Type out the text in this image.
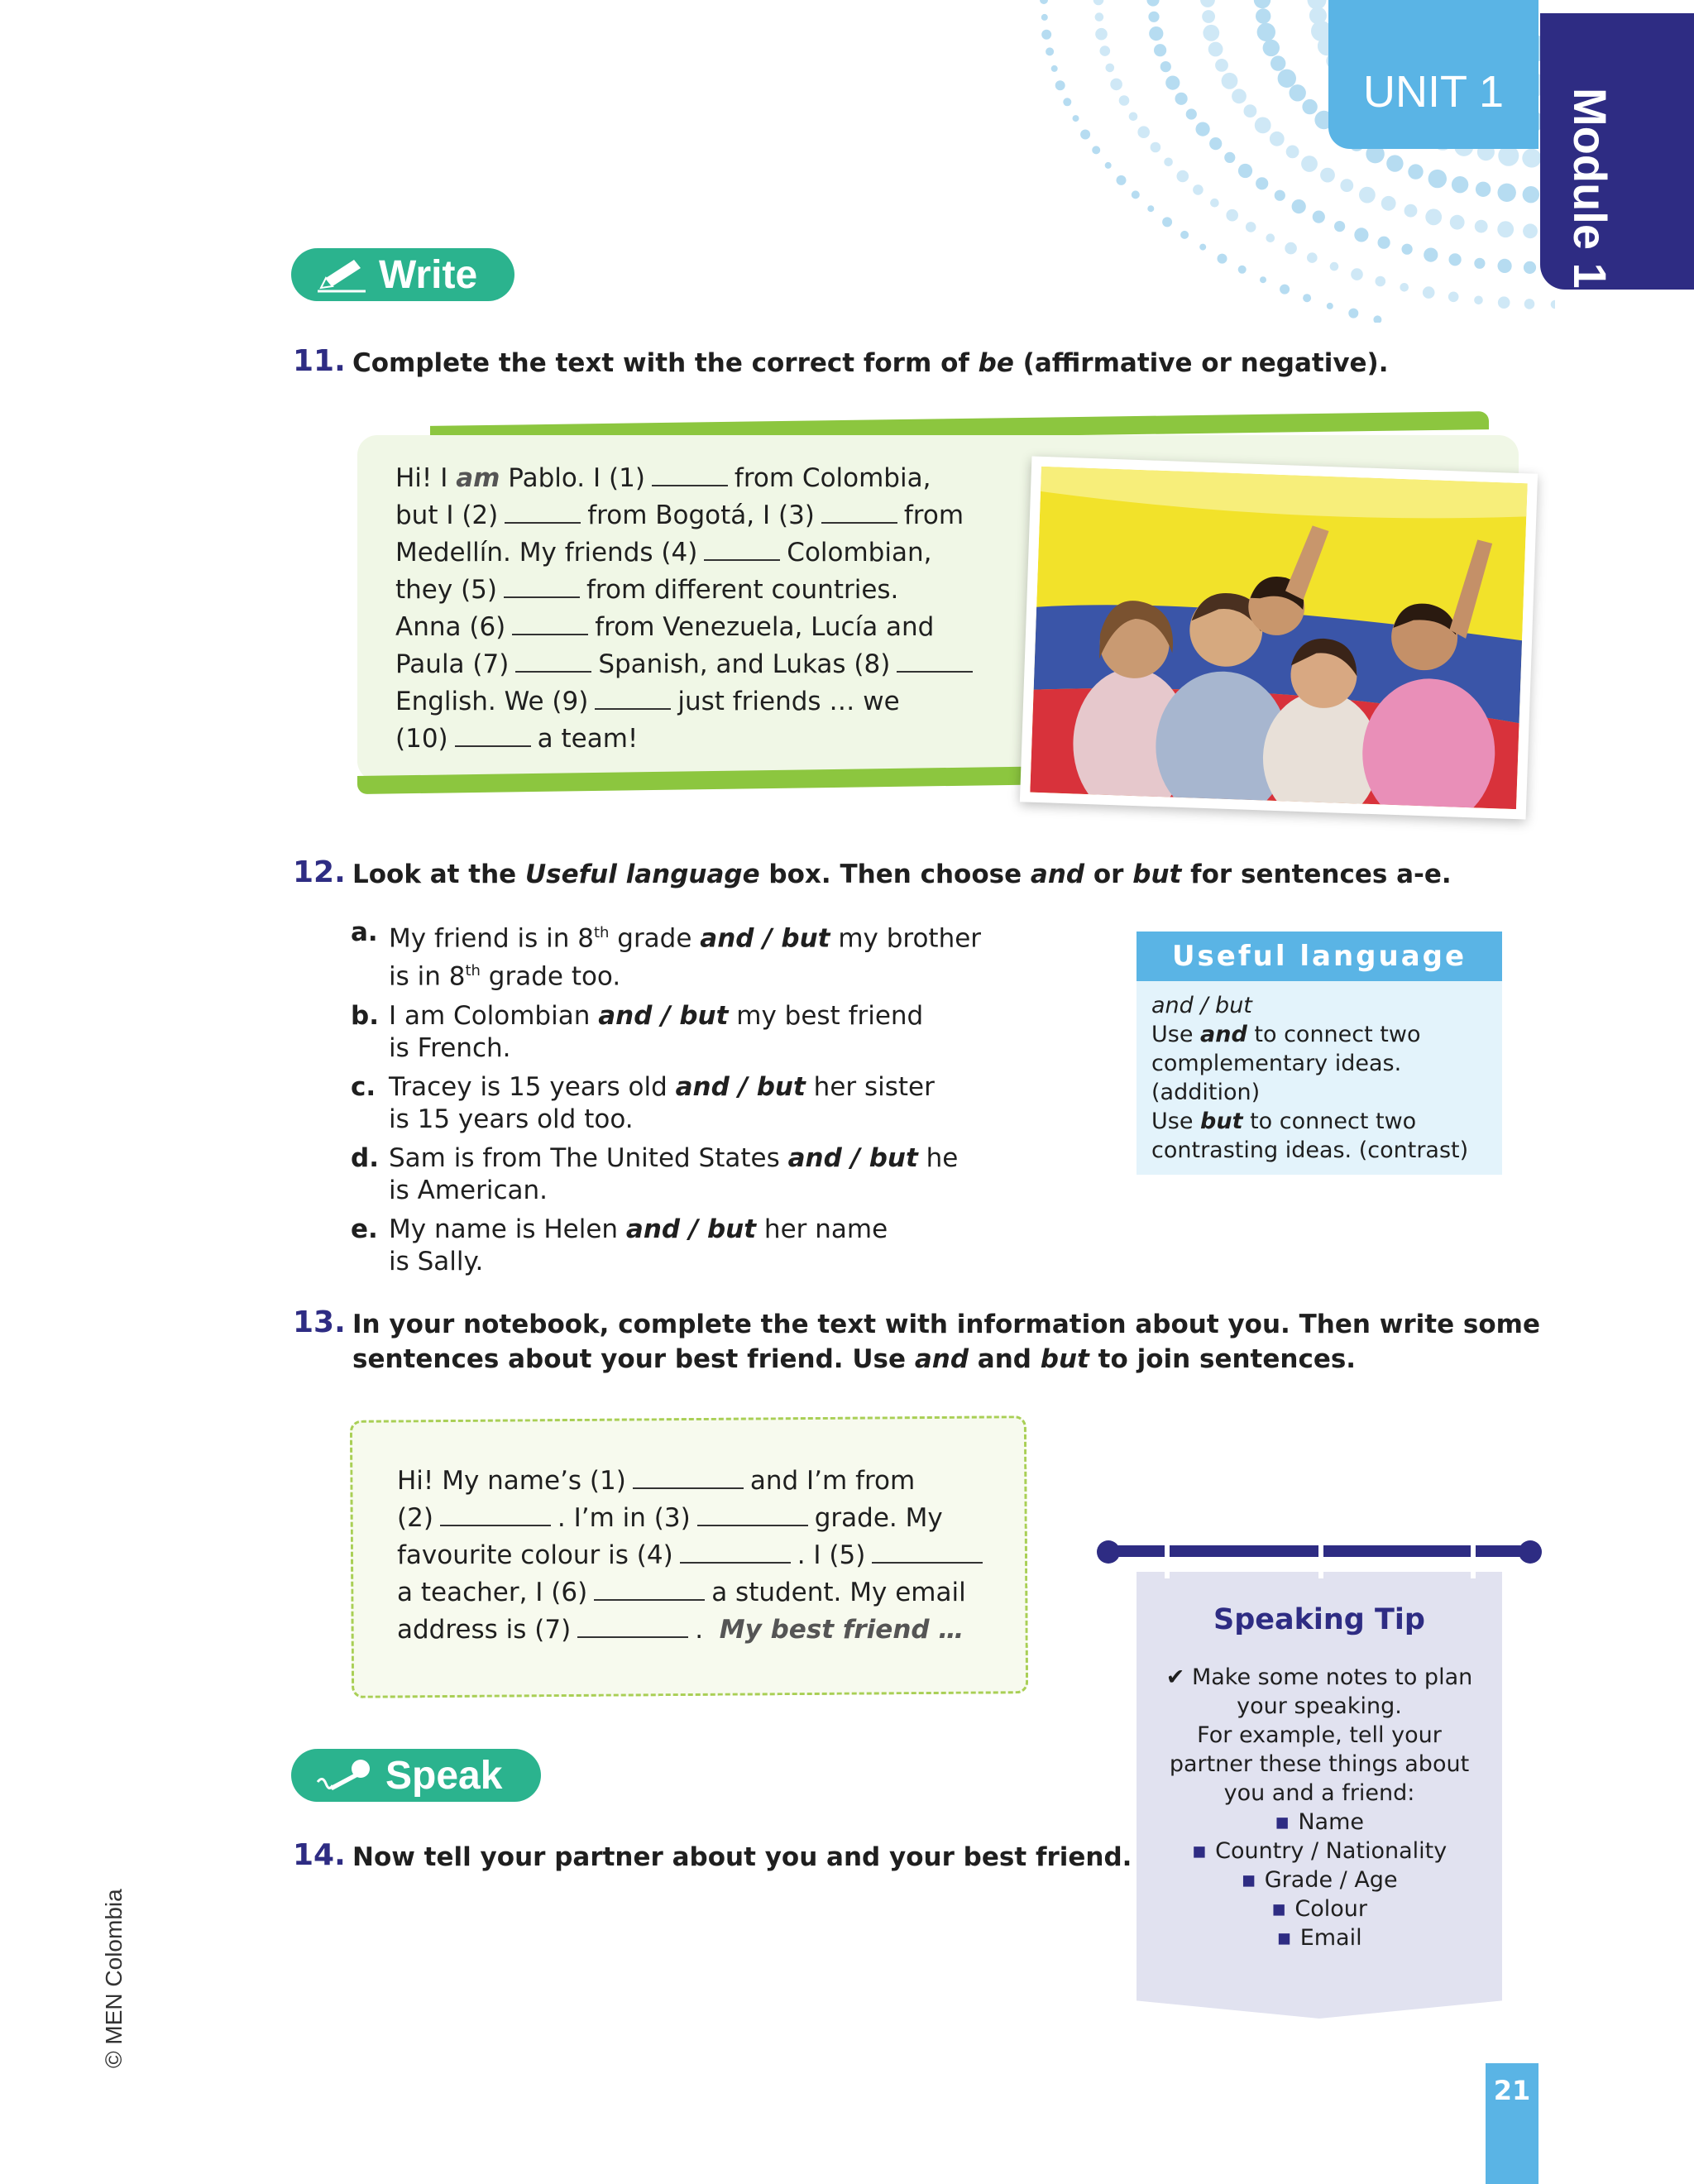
UNIT 1 Module 1
Write
11. Complete the text with the correct form of be (affirmative or negative).
Hi! I am Pablo. I (1)	from Colombia,
but I (2)	from Bogotá, I (3)	from
Medellín. My friends (4)	Colombian,
they (5)	from different countries.
Anna (6)	from Venezuela, Lucía and
Paula (7)	Spanish, and Lukas (8)
English. We (9)	just friends … we
(10)	a team!
12. Look at the Useful language box. Then choose and or but for sentences a-e.
a. My friend is in 8th grade and / but my brother
is in 8th grade too.
b. I am Colombian and / but my best friend
is French.
c. Tracey is 15 years old and / but her sister
is 15 years old too.
d. Sam is from The United States and / but he
is American.
e. My name is Helen and / but her name
is Sally.
Useful language
and / but
Use and to connect two
complementary ideas.
(addition)
Use but to connect two
contrasting ideas. (contrast)
13. In your notebook, complete the text with information about you. Then write some
sentences about your best friend. Use and and but to join sentences.
Hi! My name’s (1)	and I’m from
(2)	. I’m in (3)	grade. My
favourite colour is (4)	. I (5)
a teacher, I (6)	a student. My email
address is (7)	. My best friend …
Speak
14. Now tell your partner about you and your best friend.
Speaking Tip
✔ Make some notes to plan
your speaking.
For example, tell your
partner these things about
you and a friend:
▪ Name
▪ Country / Nationality
▪ Grade / Age
▪ Colour
▪ Email
© MEN Colombia
21
